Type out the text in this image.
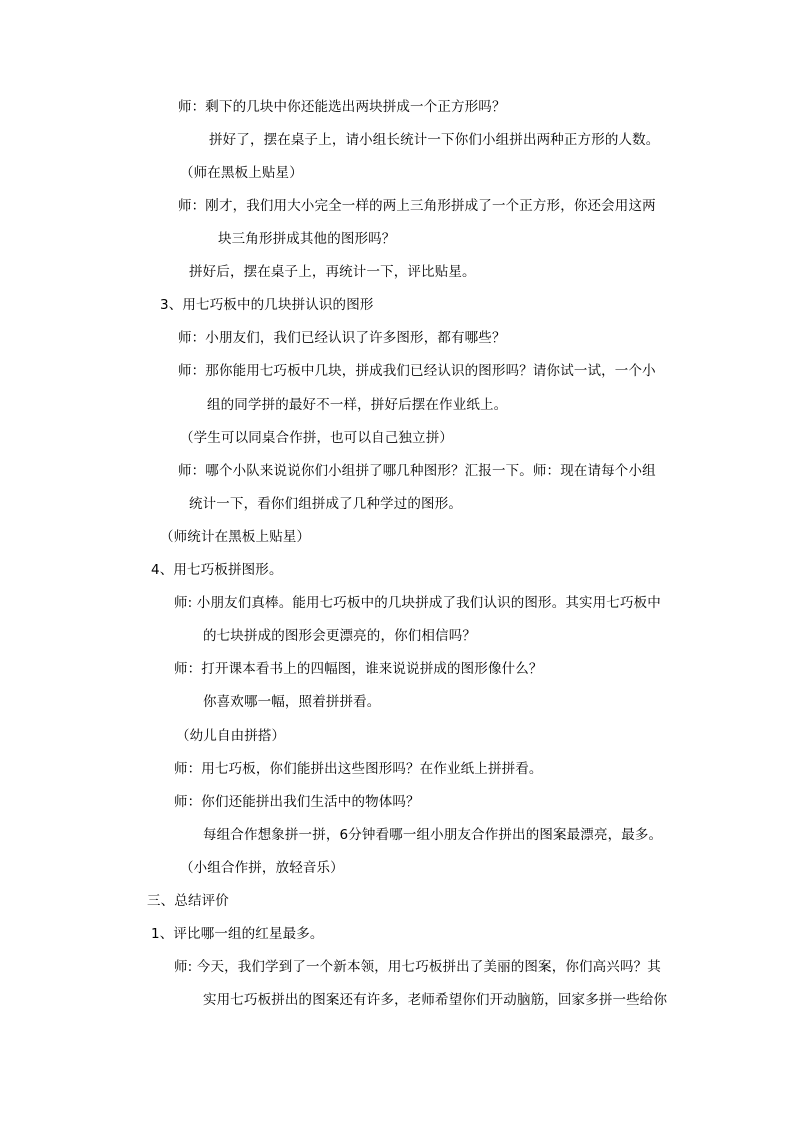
师：剩下的几块中你还能选出两块拼成一个正方形吗？
拼好了，摆在桌子上，请小组长统计一下你们小组拼出两种正方形的人数。
（师在黑板上贴星）
师：刚才，我们用大小完全一样的两上三角形拼成了一个正方形，你还会用这两
块三角形拼成其他的图形吗？
拼好后，摆在桌子上，再统计一下，评比贴星。
3、用七巧板中的几块拼认识的图形
师：小朋友们，我们已经认识了许多图形，都有哪些？
师：那你能用七巧板中几块，拼成我们已经认识的图形吗？请你试一试，一个小
组的同学拼的最好不一样，拼好后摆在作业纸上。
（学生可以同桌合作拼，也可以自己独立拼）
师：哪个小队来说说你们小组拼了哪几种图形？汇报一下。师：现在请每个小组
统计一下，看你们组拼成了几种学过的图形。
（师统计在黑板上贴星）
4、用七巧板拼图形。
师: 小朋友们真棒。能用七巧板中的几块拼成了我们认识的图形。其实用七巧板中
的七块拼成的图形会更漂亮的，你们相信吗？
师：打开课本看书上的四幅图，谁来说说拼成的图形像什么？
你喜欢哪一幅，照着拼拼看。
（幼儿自由拼搭）
师：用七巧板，你们能拼出这些图形吗？在作业纸上拼拼看。
师：你们还能拼出我们生活中的物体吗？
每组合作想象拼一拼，6分钟看哪一组小朋友合作拼出的图案最漂亮，最多。
（小组合作拼，放轻音乐）
三、总结评价
1、评比哪一组的红星最多。
师: 今天，我们学到了一个新本领，用七巧板拼出了美丽的图案，你们高兴吗？其
实用七巧板拼出的图案还有许多，老师希望你们开动脑筋，回家多拼一些给你
